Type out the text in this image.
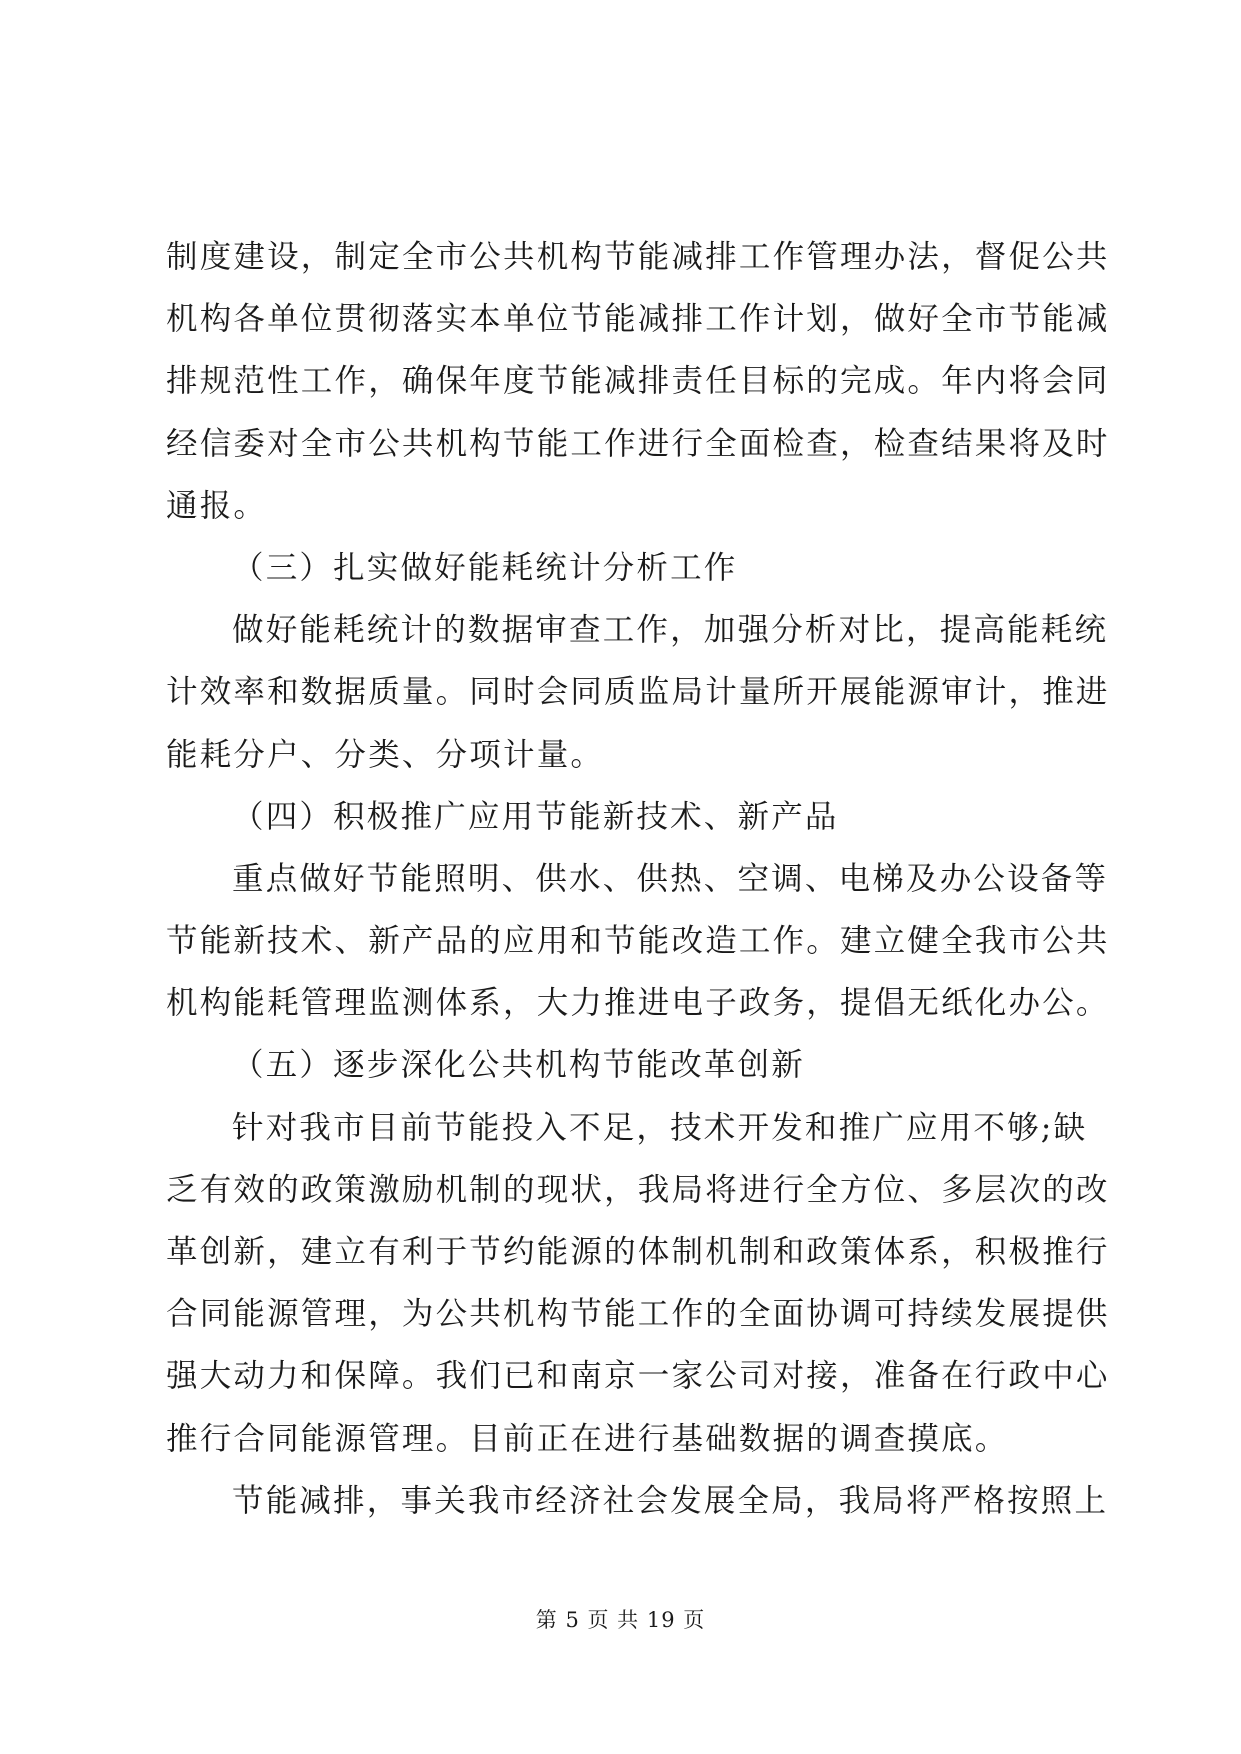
制度建设，制定全市公共机构节能减排工作管理办法，督促公共
机构各单位贯彻落实本单位节能减排工作计划，做好全市节能减
排规范性工作，确保年度节能减排责任目标的完成。年内将会同
经信委对全市公共机构节能工作进行全面检查，检查结果将及时
通报。
（三）扎实做好能耗统计分析工作
做好能耗统计的数据审查工作，加强分析对比，提高能耗统
计效率和数据质量。同时会同质监局计量所开展能源审计，推进
能耗分户、分类、分项计量。
（四）积极推广应用节能新技术、新产品
重点做好节能照明、供水、供热、空调、电梯及办公设备等
节能新技术、新产品的应用和节能改造工作。建立健全我市公共
机构能耗管理监测体系，大力推进电子政务，提倡无纸化办公。
（五）逐步深化公共机构节能改革创新
针对我市目前节能投入不足，技术开发和推广应用不够;缺
乏有效的政策激励机制的现状，我局将进行全方位、多层次的改
革创新，建立有利于节约能源的体制机制和政策体系，积极推行
合同能源管理，为公共机构节能工作的全面协调可持续发展提供
强大动力和保障。我们已和南京一家公司对接，准备在行政中心
推行合同能源管理。目前正在进行基础数据的调查摸底。
节能减排，事关我市经济社会发展全局，我局将严格按照上
第 5 页 共 19 页
